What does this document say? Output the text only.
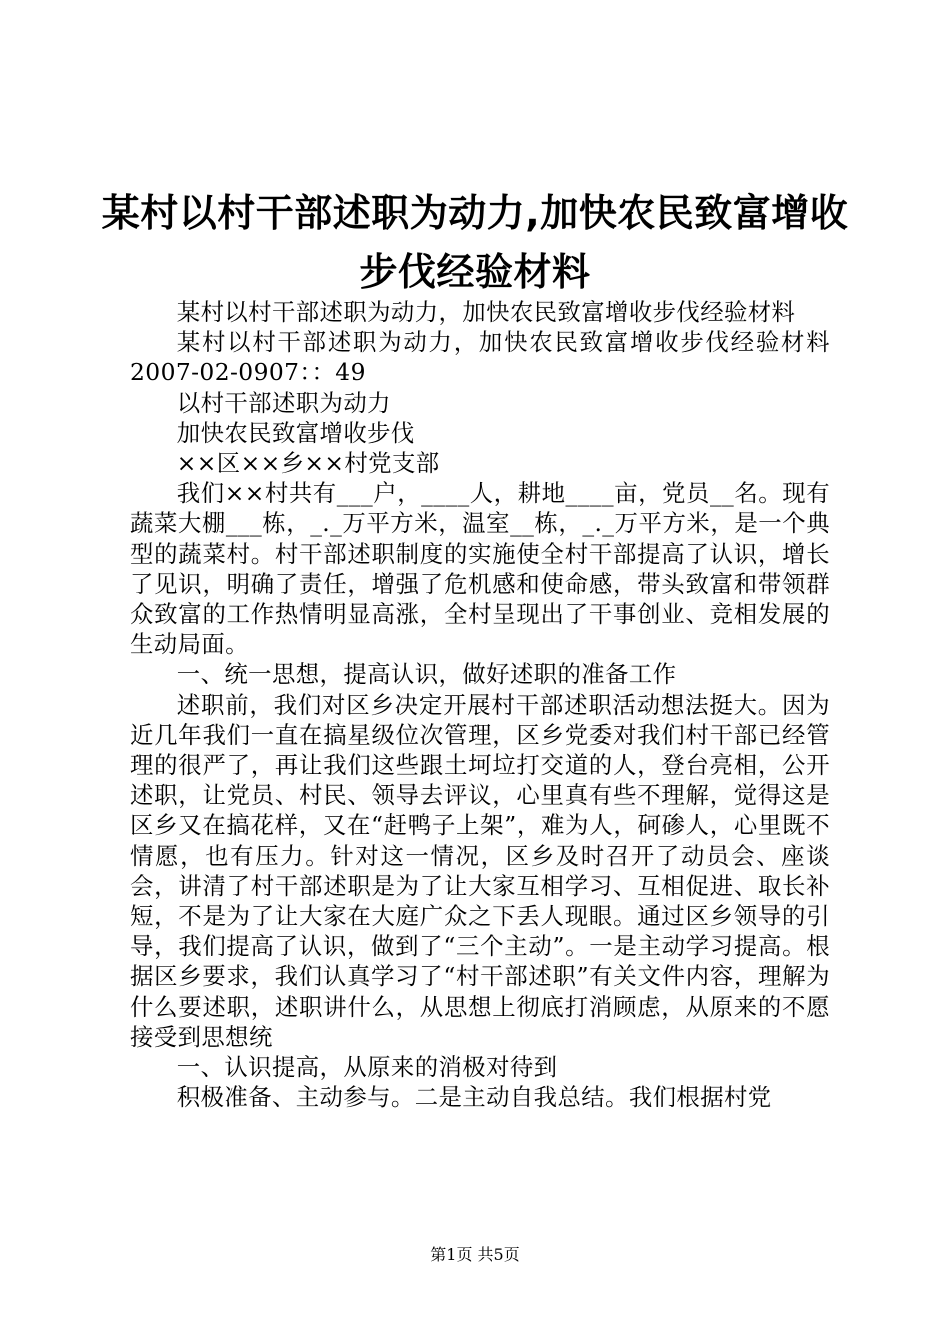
某村以村干部述职为动力,加快农民致富增收
步伐经验材料

某村以村干部述职为动力，加快农民致富增收步伐经验材料

某村以村干部述职为动力，加快农民致富增收步伐经验材料2007-02-0907：：49

以村干部述职为动力

加快农民致富增收步伐

××区××乡××村党支部

我们××村共有___户，____人，耕地____亩，党员__名。现有蔬菜大棚___栋，_._万平方米，温室__栋，_._万平方米，是一个典型的蔬菜村。村干部述职制度的实施使全村干部提高了认识，增长了见识，明确了责任，增强了危机感和使命感，带头致富和带领群众致富的工作热情明显高涨，全村呈现出了干事创业、竞相发展的生动局面。

一、统一思想，提高认识，做好述职的准备工作

述职前，我们对区乡决定开展村干部述职活动想法挺大。因为近几年我们一直在搞星级位次管理，区乡党委对我们村干部已经管理的很严了，再让我们这些跟土坷垃打交道的人，登台亮相，公开述职，让党员、村民、领导去评议，心里真有些不理解，觉得这是区乡又在搞花样，又在“赶鸭子上架”，难为人，砢碜人，心里既不情愿，也有压力。针对这一情况，区乡及时召开了动员会、座谈会，讲清了村干部述职是为了让大家互相学习、互相促进、取长补短，不是为了让大家在大庭广众之下丢人现眼。通过区乡领导的引导，我们提高了认识，做到了“三个主动”。一是主动学习提高。根据区乡要求，我们认真学习了“村干部述职”有关文件内容，理解为什么要述职，述职讲什么，从思想上彻底打消顾虑，从原来的不愿接受到思想统

一、认识提高，从原来的消极对待到

积极准备、主动参与。二是主动自我总结。我们根据村党

第1页 共5页
